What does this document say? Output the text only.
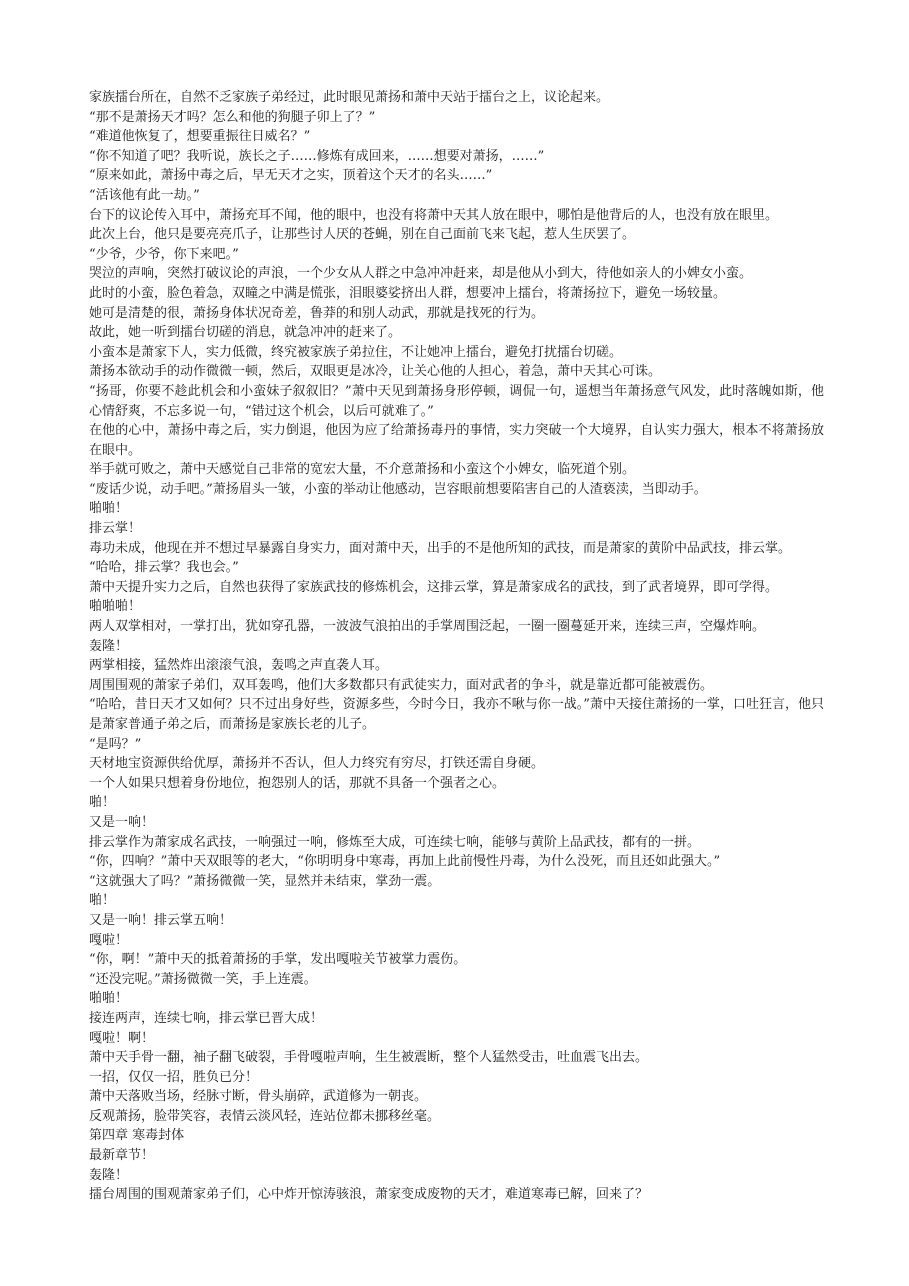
家族擂台所在，自然不乏家族子弟经过，此时眼见萧扬和萧中天站于擂台之上，议论起来。

“那不是萧扬天才吗？怎么和他的狗腿子卯上了？”

“难道他恢复了，想要重振往日威名？”

“你不知道了吧？我听说，族长之子……修炼有成回来，……想要对萧扬，……”

“原来如此，萧扬中毒之后，早无天才之实，顶着这个天才的名头……”

“活该他有此一劫。”

台下的议论传入耳中，萧扬充耳不闻，他的眼中，也没有将萧中天其人放在眼中，哪怕是他背后的人，也没有放在眼里。

此次上台，他只是要亮亮爪子，让那些讨人厌的苍蝇，别在自己面前飞来飞起，惹人生厌罢了。

“少爷，少爷，你下来吧。”

哭泣的声响，突然打破议论的声浪，一个少女从人群之中急冲冲赶来，却是他从小到大，待他如亲人的小婢女小蛮。

此时的小蛮，脸色着急，双瞳之中满是慌张，泪眼婆娑挤出人群，想要冲上擂台，将萧扬拉下，避免一场较量。

她可是清楚的很，萧扬身体状况奇差，鲁莽的和别人动武，那就是找死的行为。

故此，她一听到擂台切磋的消息，就急冲冲的赶来了。

小蛮本是萧家下人，实力低微，终究被家族子弟拉住，不让她冲上擂台，避免打扰擂台切磋。

萧扬本欲动手的动作微微一顿，然后，双眼更是冰冷，让关心他的人担心，着急，萧中天其心可诛。

“扬哥，你要不趁此机会和小蛮妹子叙叙旧？”萧中天见到萧扬身形停顿，调侃一句，遥想当年萧扬意气风发，此时落魄如斯，他心情舒爽，不忘多说一句，“错过这个机会，以后可就难了。”

在他的心中，萧扬中毒之后，实力倒退，他因为应了给萧扬毒丹的事情，实力突破一个大境界，自认实力强大，根本不将萧扬放在眼中。

举手就可败之，萧中天感觉自己非常的宽宏大量，不介意萧扬和小蛮这个小婢女，临死道个别。

“废话少说，动手吧。”萧扬眉头一皱，小蛮的举动让他感动，岂容眼前想要陷害自己的人渣亵渎，当即动手。

啪啪！

排云掌！

毒功未成，他现在并不想过早暴露自身实力，面对萧中天，出手的不是他所知的武技，而是萧家的黄阶中品武技，排云掌。

“哈哈，排云掌？我也会。”

萧中天提升实力之后，自然也获得了家族武技的修炼机会，这排云掌，算是萧家成名的武技，到了武者境界，即可学得。

啪啪啪！

两人双掌相对，一掌打出，犹如穿孔器，一波波气浪拍出的手掌周围泛起，一圈一圈蔓延开来，连续三声，空爆炸响。

轰隆！

两掌相接，猛然炸出滚滚气浪，轰鸣之声直袭人耳。

周围围观的萧家子弟们，双耳轰鸣，他们大多数都只有武徒实力，面对武者的争斗，就是靠近都可能被震伤。

“哈哈，昔日天才又如何？只不过出身好些，资源多些，今时今日，我亦不啾与你一战。”萧中天接住萧扬的一掌，口吐狂言，他只是萧家普通子弟之后，而萧扬是家族长老的儿子。

“是吗？”

天材地宝资源供给优厚，萧扬并不否认，但人力终究有穷尽，打铁还需自身硬。

一个人如果只想着身份地位，抱怨别人的话，那就不具备一个强者之心。

啪！

又是一响！

排云掌作为萧家成名武技，一响强过一响，修炼至大成，可连续七响，能够与黄阶上品武技，都有的一拼。

“你，四响？”萧中天双眼等的老大，“你明明身中寒毒，再加上此前慢性丹毒，为什么没死，而且还如此强大。”

“这就强大了吗？”萧扬微微一笑，显然并未结束，掌劲一震。

啪！

又是一响！排云掌五响！

嘎啦！

“你，啊！”萧中天的抵着萧扬的手掌，发出嘎啦关节被掌力震伤。

“还没完呢。”萧扬微微一笑，手上连震。

啪啪！

接连两声，连续七响，排云掌已晋大成！

嘎啦！啊！

萧中天手骨一翻，袖子翻飞破裂，手骨嘎啦声响，生生被震断，整个人猛然受击，吐血震飞出去。

一招，仅仅一招，胜负已分！

萧中天落败当场，经脉寸断，骨头崩碎，武道修为一朝丧。

反观萧扬，脸带笑容，表情云淡风轻，连站位都未挪移丝毫。

第四章 寒毒封体

最新章节！

轰隆！

擂台周围的围观萧家弟子们，心中炸开惊涛骇浪，萧家变成废物的天才，难道寒毒已解，回来了？
